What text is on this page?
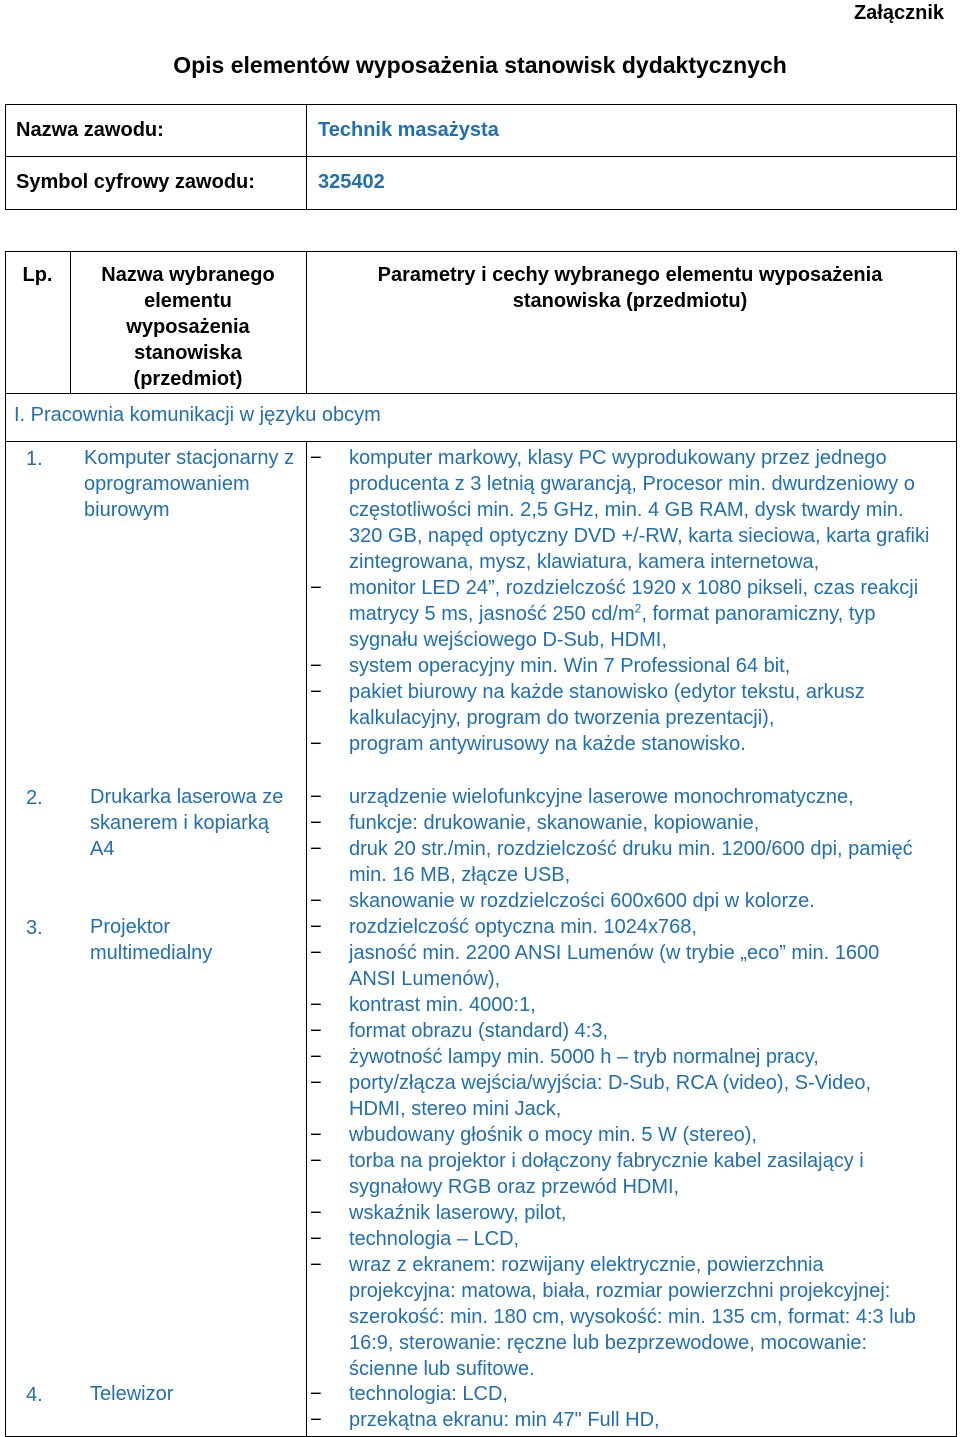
Załącznik
Opis elementów wyposażenia stanowisk dydaktycznych
Nazwa zawodu:	Technik masażysta
Symbol cyfrowy zawodu:	325402
Lp.	Nazwa wybranego elementu wyposażenia stanowiska (przedmiot)
Parametry i cechy wybranego elementu wyposażenia stanowiska (przedmiotu)
I. Pracownia komunikacji w języku obcym
1. Komputer stacjonarny z oprogramowaniem biurowym
− komputer markowy, klasy PC wyprodukowany przez jednego producenta z 3 letnią gwarancją, Procesor min. dwurdzeniowy o częstotliwości min. 2,5 GHz, min. 4 GB RAM, dysk twardy min. 320 GB, napęd optyczny DVD +/-RW, karta sieciowa, karta grafiki zintegrowana, mysz, klawiatura, kamera internetowa,
− monitor LED 24”, rozdzielczość 1920 x 1080 pikseli, czas reakcji matrycy 5 ms, jasność 250 $cd/m^2$, format panoramiczny, typ sygnału wejściowego D-Sub, HDMI,
− system operacyjny min. Win 7 Professional 64 bit,
− pakiet biurowy na każde stanowisko (edytor tekstu, arkusz kalkulacyjny, program do tworzenia prezentacji),
− program antywirusowy na każde stanowisko.
2. Drukarka laserowa ze skanerem i kopiarką A4
− urządzenie wielofunkcyjne laserowe monochromatyczne,
− funkcje: drukowanie, skanowanie, kopiowanie,
− druk 20 str./min, rozdzielczość druku min. 1200/600 dpi, pamięć min. 16 MB, złącze USB,
− skanowanie w rozdzielczości 600x600 dpi w kolorze.
3. Projektor multimedialny
− rozdzielczość optyczna min. 1024x768,
− jasność min. 2200 ANSI Lumenów (w trybie „eco” min. 1600 ANSI Lumenów),
− kontrast min. 4000:1,
− format obrazu (standard) 4:3,
− żywotność lampy min. 5000 h – tryb normalnej pracy,
− porty/złącza wejścia/wyjścia: D-Sub, RCA (video), S-Video, HDMI, stereo mini Jack,
− wbudowany głośnik o mocy min. 5 W (stereo),
− torba na projektor i dołączony fabrycznie kabel zasilający i sygnałowy RGB oraz przewód HDMI,
− wskaźnik laserowy, pilot,
− technologia – LCD,
− wraz z ekranem: rozwijany elektrycznie, powierzchnia projekcyjna: matowa, biała, rozmiar powierzchni projekcyjnej: szerokość: min. 180 cm, wysokość: min. 135 cm, format: 4:3 lub 16:9, sterowanie: ręczne lub bezprzewodowe, mocowanie: ścienne lub sufitowe.
4. Telewizor
−	technologia: LCD,
− przekątna ekranu: min 47" Full HD,
